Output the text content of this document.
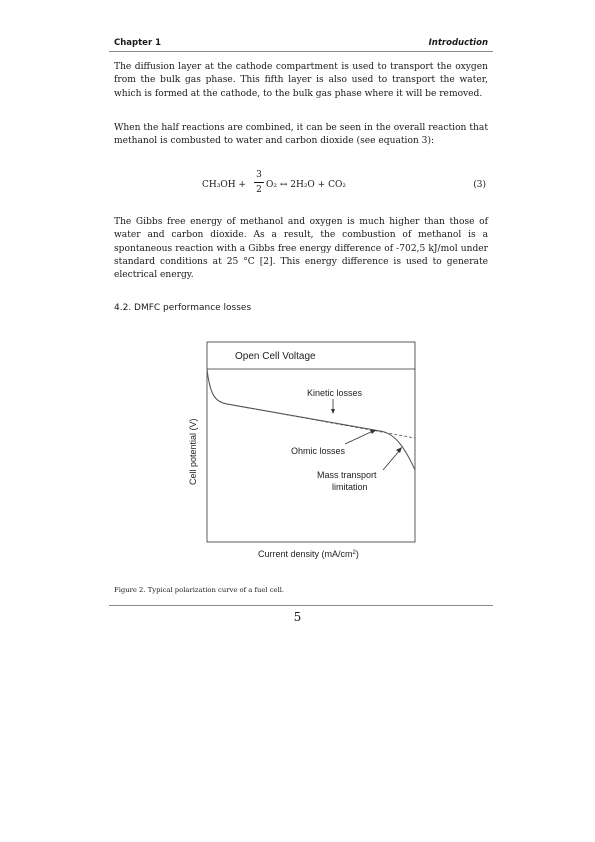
Chapter 1	Introduction

The diffusion layer at the cathode compartment is used to transport the oxygen from the bulk gas phase. This fifth layer is also used to transport the water, which is formed at the cathode, to the bulk gas phase where it will be removed.

When the half reactions are combined, it can be seen in the overall reaction that methanol is combusted to water and carbon dioxide (see equation 3):

CH₃OH +
3
2 O₂ ↔ 2H₂O + CO₂	(3)

The Gibbs free energy of methanol and oxygen is much higher than those of water and carbon dioxide. As a result, the combustion of methanol is a spontaneous reaction with a Gibbs free energy difference of -702,5 kJ/mol under standard conditions at 25 °C [2]. This energy difference is used to generate electrical energy.

4.2. DMFC performance losses
Open Cell Voltage
Kinetic losses
Ohmic losses
Mass transport
limitation
Cell potential (V)
Current density $(mA/cm^2)$
Figure 2. Typical polarization curve of a fuel cell.
5
